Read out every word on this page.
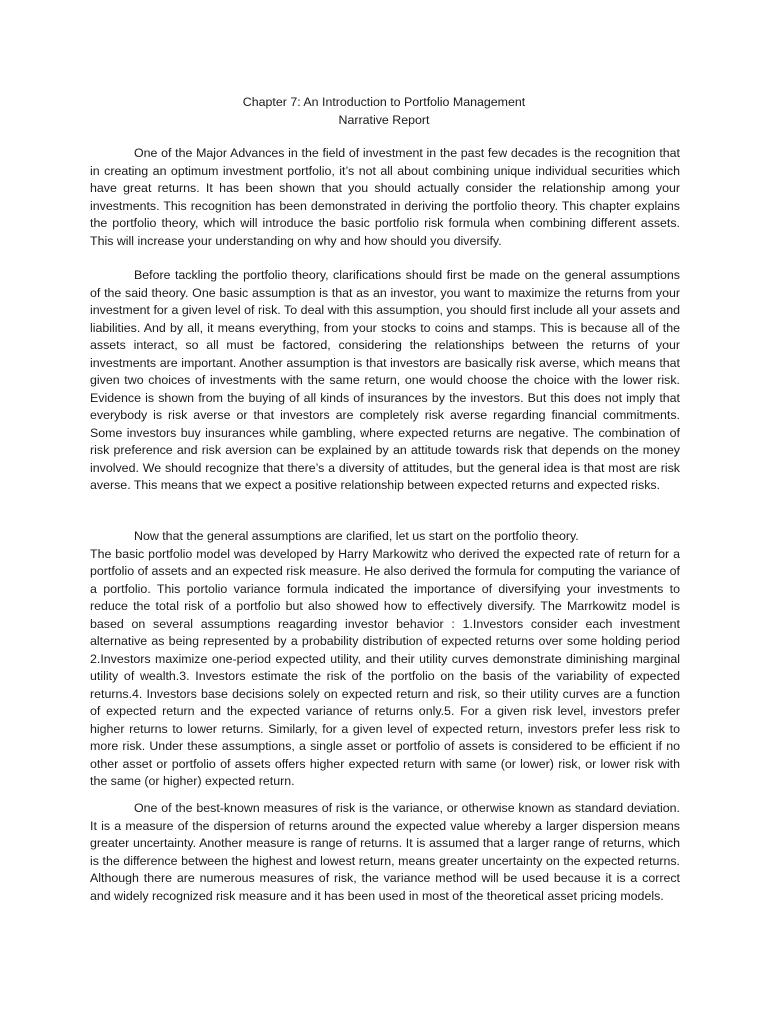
Chapter 7: An Introduction to Portfolio Management
Narrative Report

One of the Major Advances in the field of investment in the past few decades is the recognition that in creating an optimum investment portfolio, it’s not all about combining unique individual securities which have great returns. It has been shown that you should actually consider the relationship among your investments. This recognition has been demonstrated in deriving the portfolio theory. This chapter explains the portfolio theory, which will introduce the basic portfolio risk formula when combining different assets. This will increase your understanding on why and how should you diversify.

Before tackling the portfolio theory, clarifications should first be made on the general assumptions of the said theory. One basic assumption is that as an investor, you want to maximize the returns from your investment for a given level of risk. To deal with this assumption, you should first include all your assets and liabilities. And by all, it means everything, from your stocks to coins and stamps. This is because all of the assets interact, so all must be factored, considering the relationships between the returns of your investments are important. Another assumption is that investors are basically risk averse, which means that given two choices of investments with the same return, one would choose the choice with the lower risk. Evidence is shown from the buying of all kinds of insurances by the investors. But this does not imply that everybody is risk averse or that investors are completely risk averse regarding financial commitments. Some investors buy insurances while gambling, where expected returns are negative. The combination of risk preference and risk aversion can be explained by an attitude towards risk that depends on the money involved. We should recognize that there’s a diversity of attitudes, but the general idea is that most are risk averse. This means that we expect a positive relationship between expected returns and expected risks.

Now that the general assumptions are clarified, let us start on the portfolio theory.

The basic portfolio model was developed by Harry Markowitz who derived the expected rate of return for a portfolio of assets and an expected risk measure. He also derived the formula for computing the variance of a portfolio. This portolio variance formula indicated the importance of diversifying your investments to reduce the total risk of a portfolio but also showed how to effectively diversify. The Marrkowitz model is based on several assumptions reagarding investor behavior : 1.Investors consider each investment alternative as being represented by a probability distribution of expected returns over some holding period 2.Investors maximize one-period expected utility, and their utility curves demonstrate diminishing marginal utility of wealth.3. Investors estimate the risk of the portfolio on the basis of the variability of expected returns.4. Investors base decisions solely on expected return and risk, so their utility curves are a function of expected return and the expected variance of returns only.5. For a given risk level, investors prefer higher returns to lower returns. Similarly, for a given level of expected return, investors prefer less risk to more risk. Under these assumptions, a single asset or portfolio of assets is considered to be efficient if no other asset or portfolio of assets offers higher expected return with same (or lower) risk, or lower risk with the same (or higher) expected return.

One of the best-known measures of risk is the variance, or otherwise known as standard deviation. It is a measure of the dispersion of returns around the expected value whereby a larger dispersion means greater uncertainty. Another measure is range of returns. It is assumed that a larger range of returns, which is the difference between the highest and lowest return, means greater uncertainty on the expected returns. Although there are numerous measures of risk, the variance method will be used because it is a correct and widely recognized risk measure and it has been used in most of the theoretical asset pricing models.
